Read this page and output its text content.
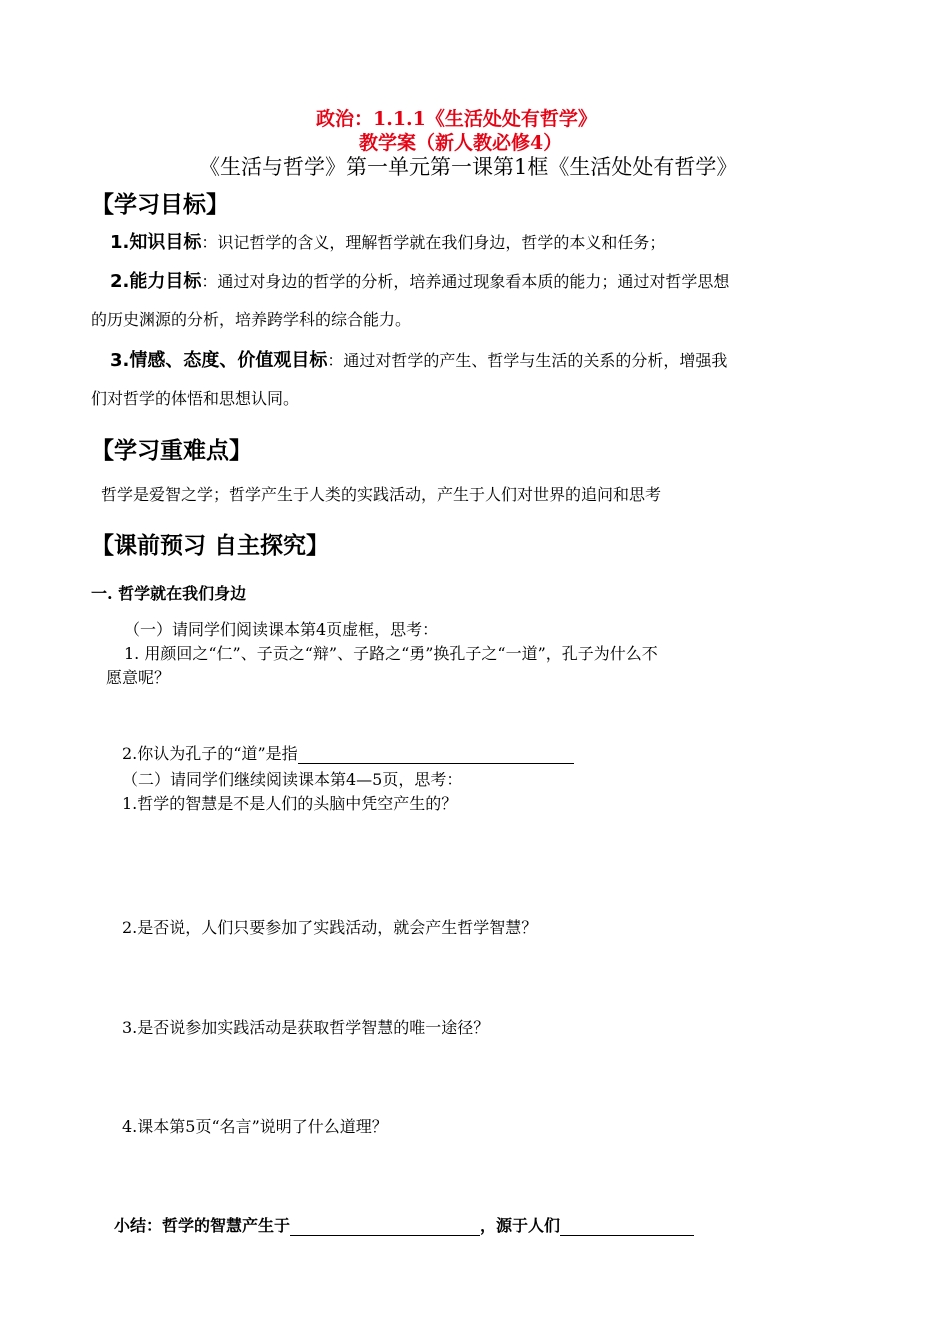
政治：1.1.1《生活处处有哲学》
教学案（新人教必修4）
《生活与哲学》第一单元第一课第1框《生活处处有哲学》
【学习目标】
1.知识目标：识记哲学的含义，理解哲学就在我们身边，哲学的本义和任务；
2.能力目标：通过对身边的哲学的分析，培养通过现象看本质的能力；通过对哲学思想
的历史渊源的分析，培养跨学科的综合能力。
3.情感、态度、价值观目标：通过对哲学的产生、哲学与生活的关系的分析，增强我
们对哲学的体悟和思想认同。
【学习重难点】
哲学是爱智之学；哲学产生于人类的实践活动，产生于人们对世界的追问和思考
【课前预习 自主探究】
一. 哲学就在我们身边
（一）请同学们阅读课本第4页虚框，思考：
1. 用颜回之“仁”、子贡之“辩”、子路之“勇”换孔子之“一道”，孔子为什么不
愿意呢？
2.你认为孔子的“道”是指
（二）请同学们继续阅读课本第4—5页，思考：
1.哲学的智慧是不是人们的头脑中凭空产生的？
2.是否说，人们只要参加了实践活动，就会产生哲学智慧？
3.是否说参加实践活动是获取哲学智慧的唯一途径？
4.课本第5页“名言”说明了什么道理？
小结：哲学的智慧产生于	，源于人们
